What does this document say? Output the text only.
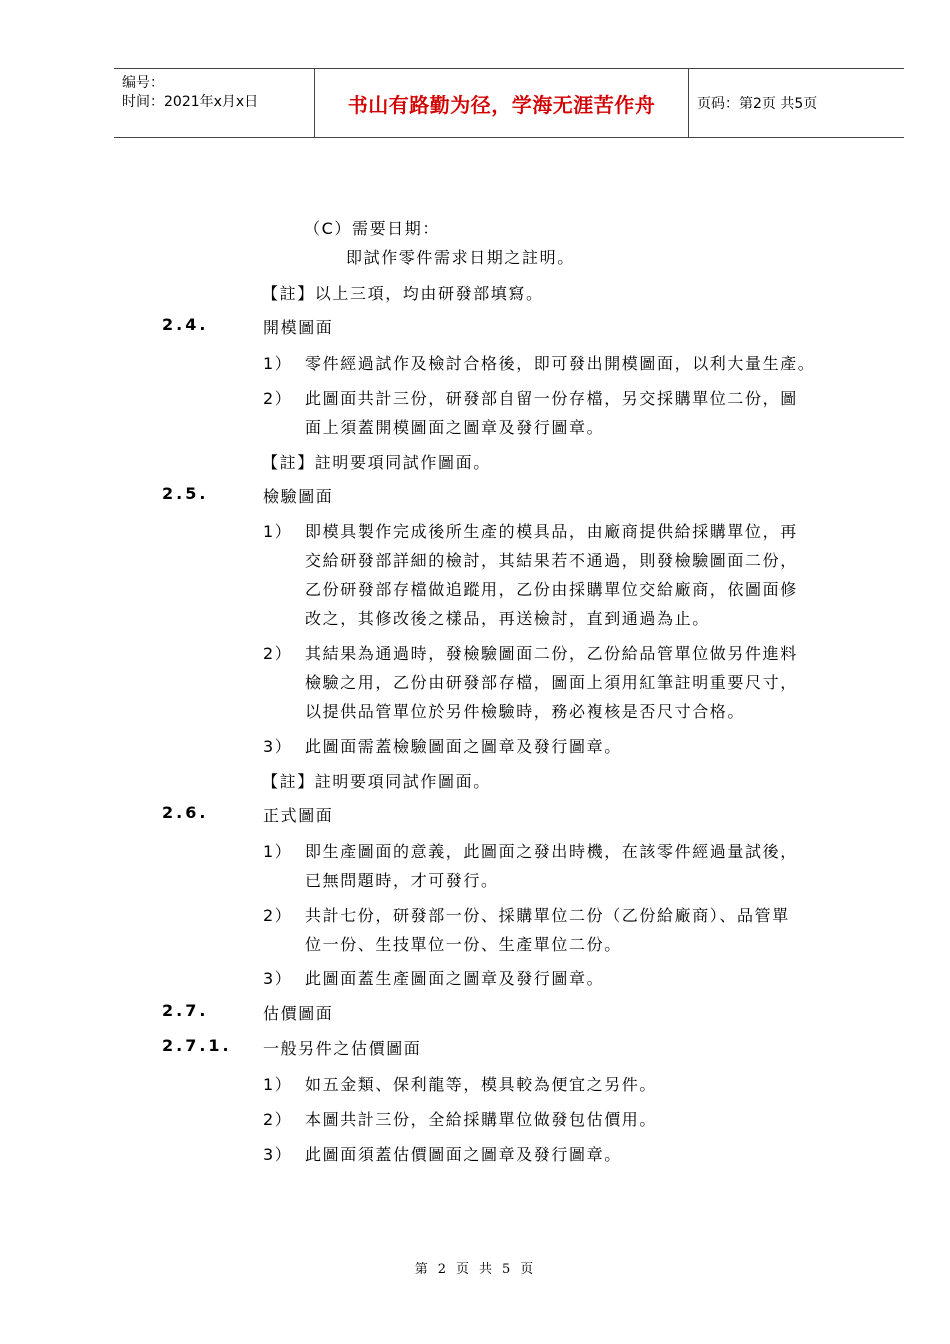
编号：
时间：2021年x月x日	书山有路勤为径，学海无涯苦作舟	页码：第2页 共5页
（C）需要日期：
即試作零件需求日期之註明。
【註】以上三項，均由研發部填寫。
2.4.	開模圖面
1） 零件經過試作及檢討合格後，即可發出開模圖面，以利大量生產。
2） 此圖面共計三份，研發部自留一份存檔，另交採購單位二份，圖
面上須蓋開模圖面之圖章及發行圖章。
【註】註明要項同試作圖面。
2.5.	檢驗圖面
1） 即模具製作完成後所生產的模具品，由廠商提供給採購單位，再
交給研發部詳細的檢討，其結果若不通過，則發檢驗圖面二份，
乙份研發部存檔做追蹤用，乙份由採購單位交給廠商，依圖面修
改之，其修改後之樣品，再送檢討，直到通過為止。
2） 其結果為通過時，發檢驗圖面二份，乙份給品管單位做另件進料
檢驗之用，乙份由研發部存檔，圖面上須用紅筆註明重要尺寸，
以提供品管單位於另件檢驗時，務必複核是否尺寸合格。
3） 此圖面需蓋檢驗圖面之圖章及發行圖章。
【註】註明要項同試作圖面。
2.6.	正式圖面
1） 即生產圖面的意義，此圖面之發出時機，在該零件經過量試後，
已無問題時，才可發行。
2） 共計七份，研發部一份、採購單位二份（乙份給廠商）、品管單
位一份、生技單位一份、生產單位二份。
3） 此圖面蓋生產圖面之圖章及發行圖章。
2.7.	估價圖面
2.7.1. 一般另件之估價圖面
1） 如五金類、保利龍等，模具較為便宜之另件。
2） 本圖共計三份，全給採購單位做發包估價用。
3） 此圖面須蓋估價圖面之圖章及發行圖章。
第 2 页 共 5 页
